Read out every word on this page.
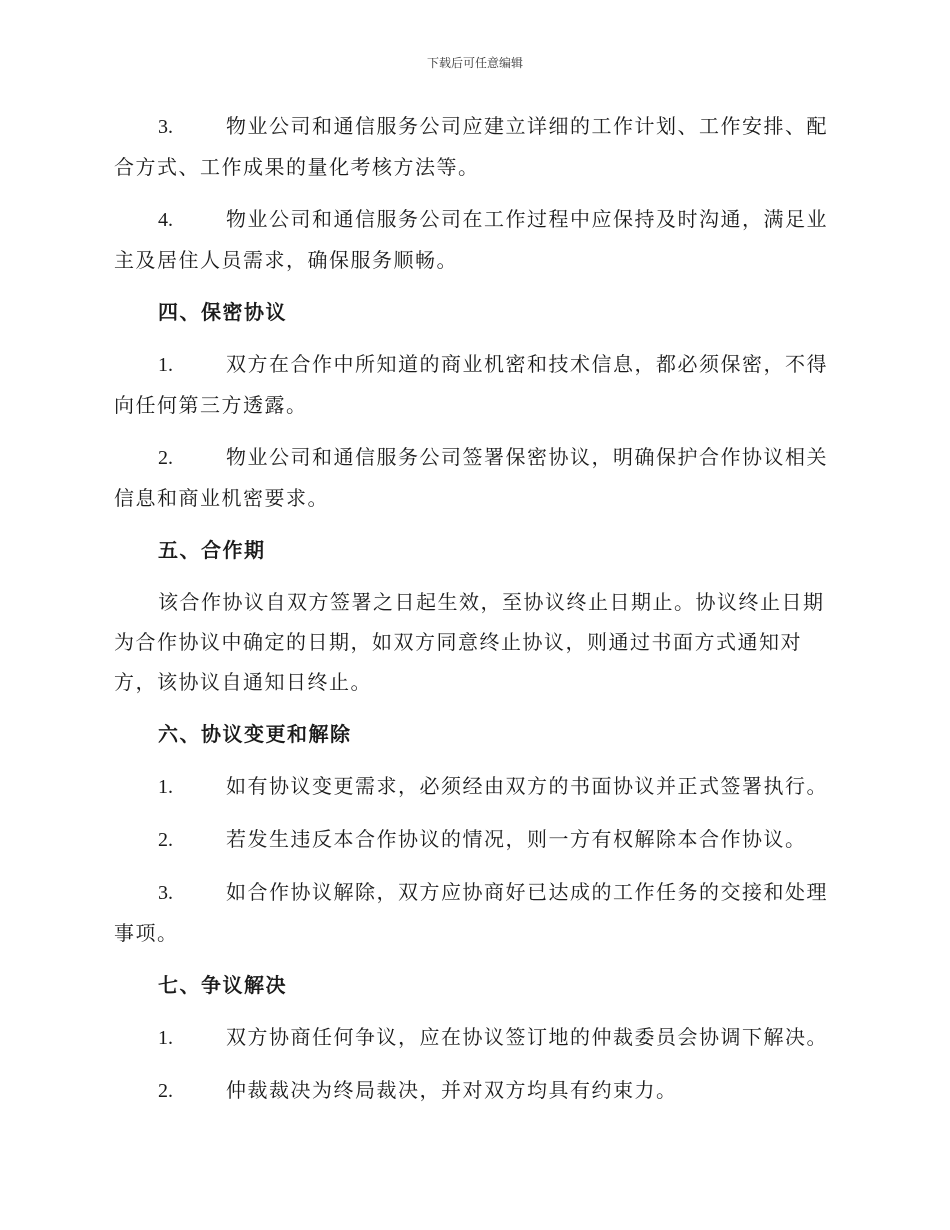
下载后可任意编辑
3.	物业公司和通信服务公司应建立详细的工作计划、工作安排、配合方式、工作成果的量化考核方法等。
4.	物业公司和通信服务公司在工作过程中应保持及时沟通，满足业主及居住人员需求，确保服务顺畅。
四、保密协议
1.	双方在合作中所知道的商业机密和技术信息，都必须保密，不得向任何第三方透露。
2.	物业公司和通信服务公司签署保密协议，明确保护合作协议相关信息和商业机密要求。
五、合作期
该合作协议自双方签署之日起生效，至协议终止日期止。协议终止日期为合作协议中确定的日期，如双方同意终止协议，则通过书面方式通知对方，该协议自通知日终止。
六、协议变更和解除
1.	如有协议变更需求，必须经由双方的书面协议并正式签署执行。
2.	若发生违反本合作协议的情况，则一方有权解除本合作协议。
3.	如合作协议解除，双方应协商好已达成的工作任务的交接和处理事项。
七、争议解决
1.	双方协商任何争议，应在协议签订地的仲裁委员会协调下解决。
2.	仲裁裁决为终局裁决，并对双方均具有约束力。
